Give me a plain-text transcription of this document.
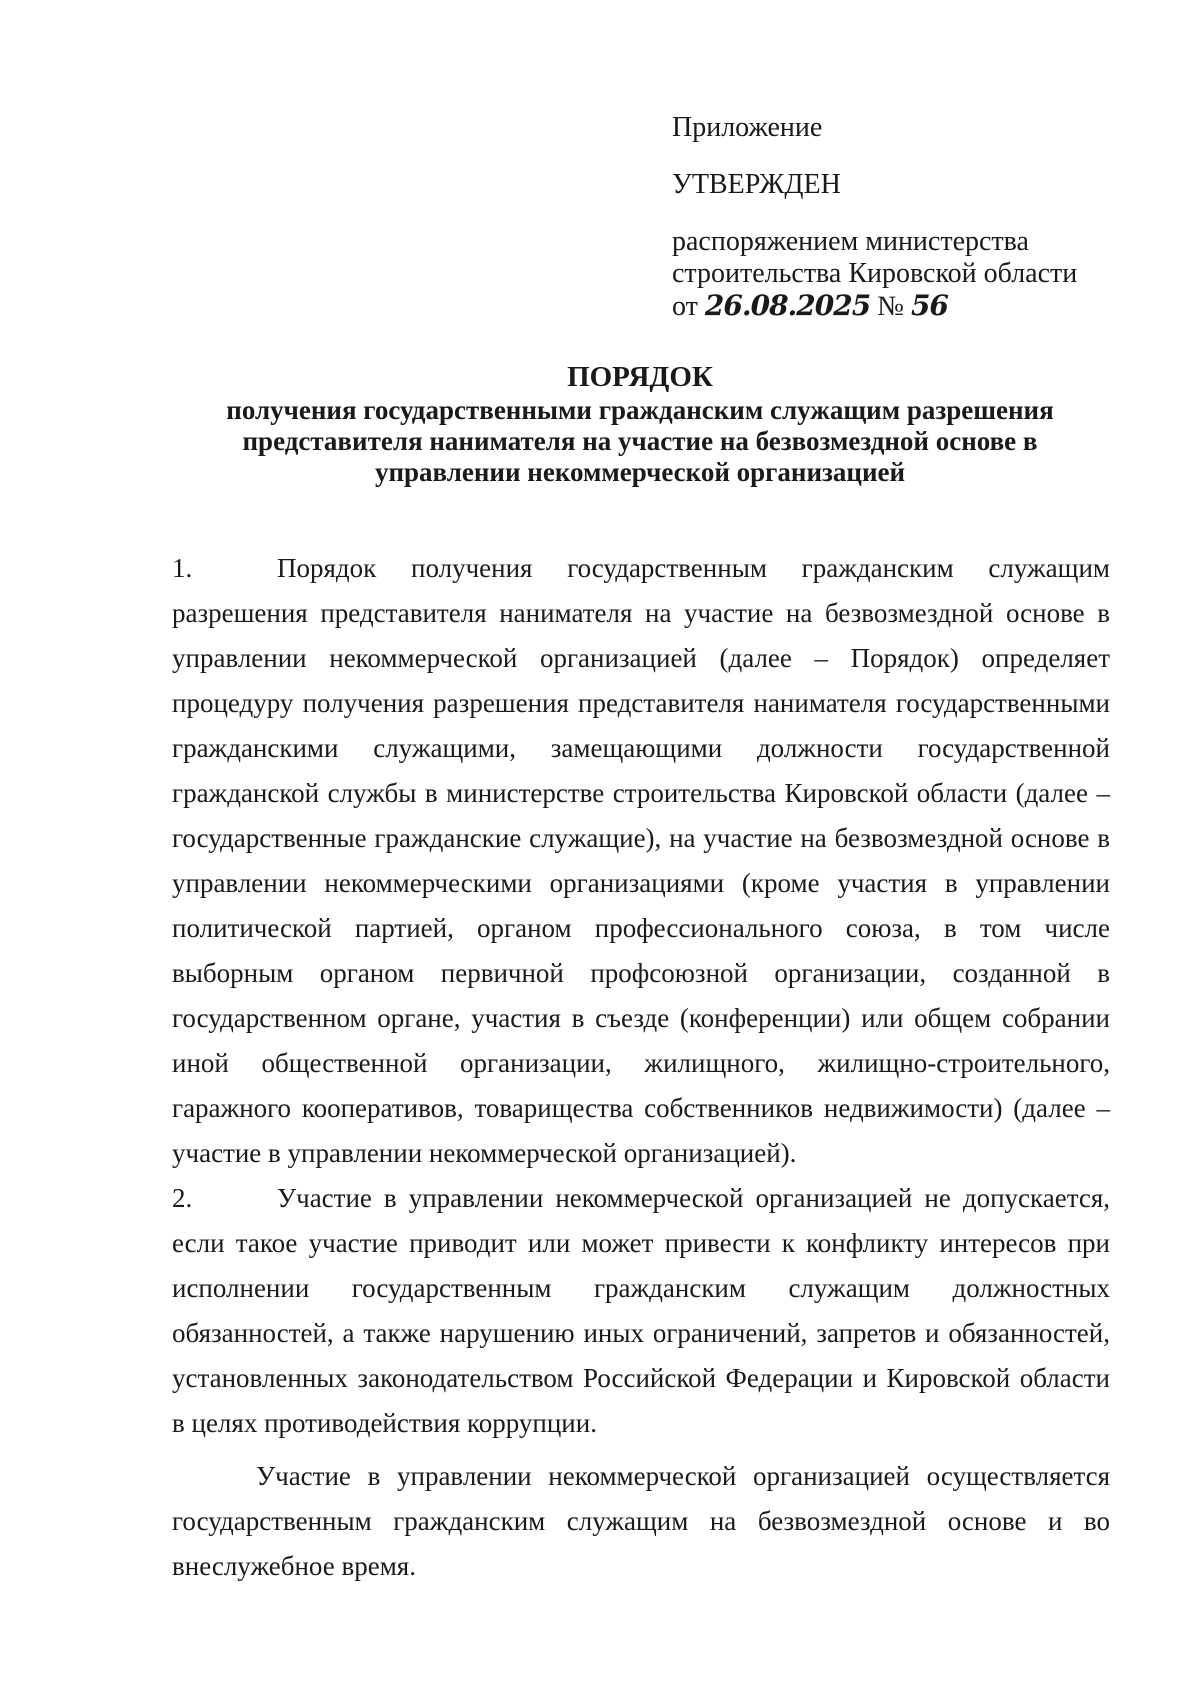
Приложение
УТВЕРЖДЕН
распоряжением министерства
строительства Кировской области
от 26.08.2025 № 56
ПОРЯДОК
получения государственными гражданским служащим разрешения
представителя нанимателя на участие на безвозмездной основе в
управлении некоммерческой организацией

1.	Порядок получения государственным гражданским служащим разрешения представителя нанимателя на участие на безвозмездной основе в управлении некоммерческой организацией (далее – Порядок) определяет процедуру получения разрешения представителя нанимателя государственными гражданскими служащими, замещающими должности государственной гражданской службы в министерстве строительства Кировской области (далее – государственные гражданские служащие), на участие на безвозмездной основе в управлении некоммерческими организациями (кроме участия в управлении политической партией, органом профессионального союза, в том числе выборным органом первичной профсоюзной организации, созданной в государственном органе, участия в съезде (конференции) или общем собрании иной общественной организации, жилищного, жилищно-строительного, гаражного кооперативов, товарищества собственников недвижимости) (далее – участие в управлении некоммерческой организацией).

2.	Участие в управлении некоммерческой организацией не допускается, если такое участие приводит или может привести к конфликту интересов при исполнении государственным гражданским служащим должностных обязанностей, а также нарушению иных ограничений, запретов и обязанностей, установленных законодательством Российской Федерации и Кировской области в целях противодействия коррупции.

Участие в управлении некоммерческой организацией осуществляется государственным гражданским служащим на безвозмездной основе и во внеслужебное время.
